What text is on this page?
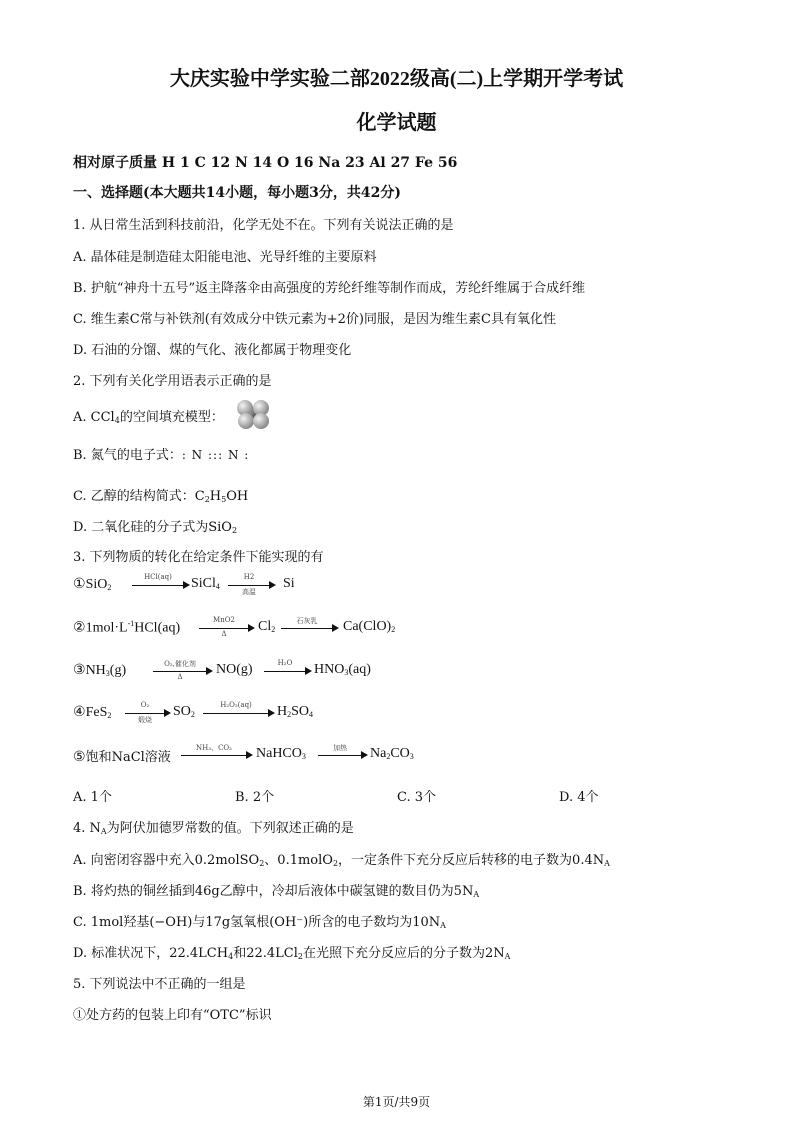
大庆实验中学实验二部2022级高(二)上学期开学考试
化学试题
相对原子质量 H 1 C 12 N 14 O 16 Na 23 Al 27 Fe 56
一、选择题(本大题共14小题，每小题3分，共42分)
1. 从日常生活到科技前沿，化学无处不在。下列有关说法正确的是
A. 晶体硅是制造硅太阳能电池、光导纤维的主要原料
B. 护航“神舟十五号”返主降落伞由高强度的芳纶纤维等制作而成，芳纶纤维属于合成纤维
C. 维生素C常与补铁剂(有效成分中铁元素为+2价)同服，是因为维生素C具有氧化性
D. 石油的分馏、煤的气化、液化都属于物理变化
2. 下列有关化学用语表示正确的是
A. CCl$_4$的空间填充模型：
B. 氮气的电子式：: N ::: N :
C. 乙醇的结构简式：$C_2H_5OH$
D. 二氧化硅的分子式为SiO$_2$
3. 下列物质的转化在给定条件下能实现的有
①SiO$_2$
HCl(aq)	SiCl$_4$
H2
高温
Si
$②1mol\cdot L^{-1}HCl(aq)$
MnO2
Δ	$Cl_2$
石灰乳	$Ca(ClO)_2$
$③NH_3(g)$	O₂,催化剂
Δ	NO(g)	H₂O	$HNO_3(aq)$
④FeS$_2$
O₂
煅烧
$SO_2$
H₂O₂(aq)	$H_2SO_4$
⑤饱和NaCl溶液
NH₃、CO₂	NaHCO$_3$
加热	$Na_2CO_3$
A. 1个	B. 2个	C. 3个	D. 4个
4. $N_A$为阿伏加德罗常数的值。下列叙述正确的是
A. 向密闭容器中充入0.2molSO$_2$、0.1molO$_2$，一定条件下充分反应后转移的电子数为$0.4N_A$
B. 将灼热的铜丝插到46g乙醇中，冷却后液体中碳氢键的数目仍为$5N_A$
C. 1mol羟基(−OH)与17g氢氧根(OH⁻)所含的电子数均为$10N_A$
D. 标准状况下，$22.4LCH_4$和22.4LCl$_2$在光照下充分反应后的分子数为$2N_A$
5. 下列说法中不正确的一组是
①处方药的包装上印有“OTC”标识
第1页/共9页
